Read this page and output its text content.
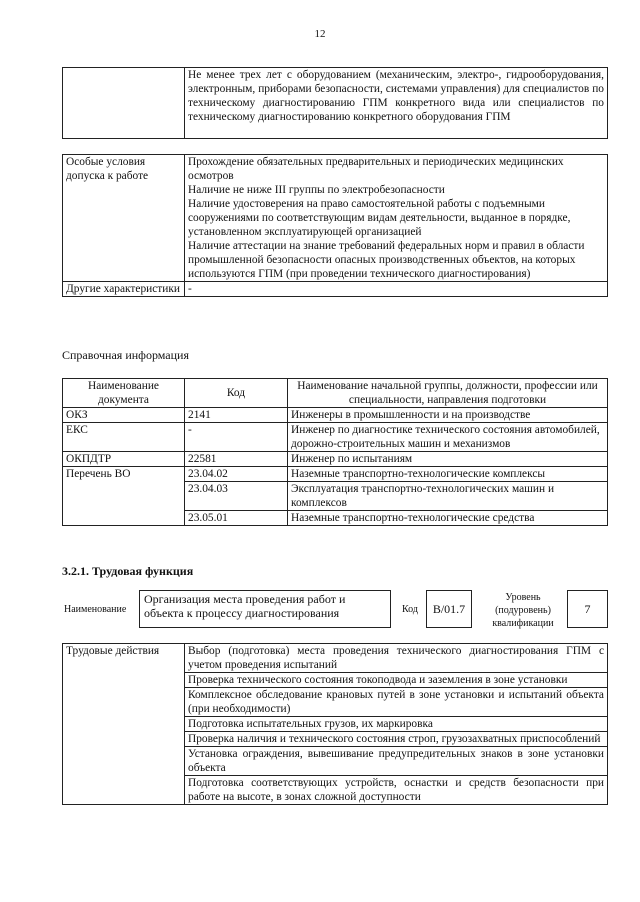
12
	Не менее трех лет с оборудованием (механическим, электро-, гидрооборудования, электронным, приборами безопасности, системами управления) для специалистов по техническому диагностированию ГПМ конкретного вида или специалистов по техническому диагностированию конкретного оборудования ГПМ
Особые условия допуска к работе	Прохождение обязательных предварительных и периодических медицинских осмотров
Наличие не ниже III группы по электробезопасности
Наличие удостоверения на право самостоятельной работы с подъемными сооружениями по соответствующим видам деятельности, выданное в порядке, установленном эксплуатирующей организацией
Наличие аттестации на знание требований федеральных норм и правил в области промышленной безопасности опасных производственных объектов, на которых используются ГПМ (при проведении технического диагностирования)

Другие характеристики	-
Справочная информация
Наименование документа	Код	Наименование начальной группы, должности, профессии или специальности, направления подготовки
ОКЗ	2141	Инженеры в промышленности и на производстве
ЕКС	-	Инженер по диагностике технического состояния автомобилей, дорожно-строительных машин и механизмов
ОКПДТР	22581	Инженер по испытаниям
Перечень ВО	23.04.02	Наземные транспортно-технологические комплексы
	23.04.03	Эксплуатация транспортно-технологических машин и комплексов
	23.05.01	Наземные транспортно-технологические средства
3.2.1. Трудовая функция
Наименование
Организация места проведения работ и объекта к процессу диагностирования	Код	B/01.7
Уровень (подуровень) квалификации
7
Трудовые действия	Выбор (подготовка) места проведения технического диагностирования ГПМ с учетом проведения испытаний
Проверка технического состояния токоподвода и заземления в зоне установки
Комплексное обследование крановых путей в зоне установки и испытаний объекта (при необходимости)
Подготовка испытательных грузов, их маркировка
Проверка наличия и технического состояния строп, грузозахватных приспособлений
Установка ограждения, вывешивание предупредительных знаков в зоне установки объекта
Подготовка соответствующих устройств, оснастки и средств безопасности при работе на высоте, в зонах сложной доступности
